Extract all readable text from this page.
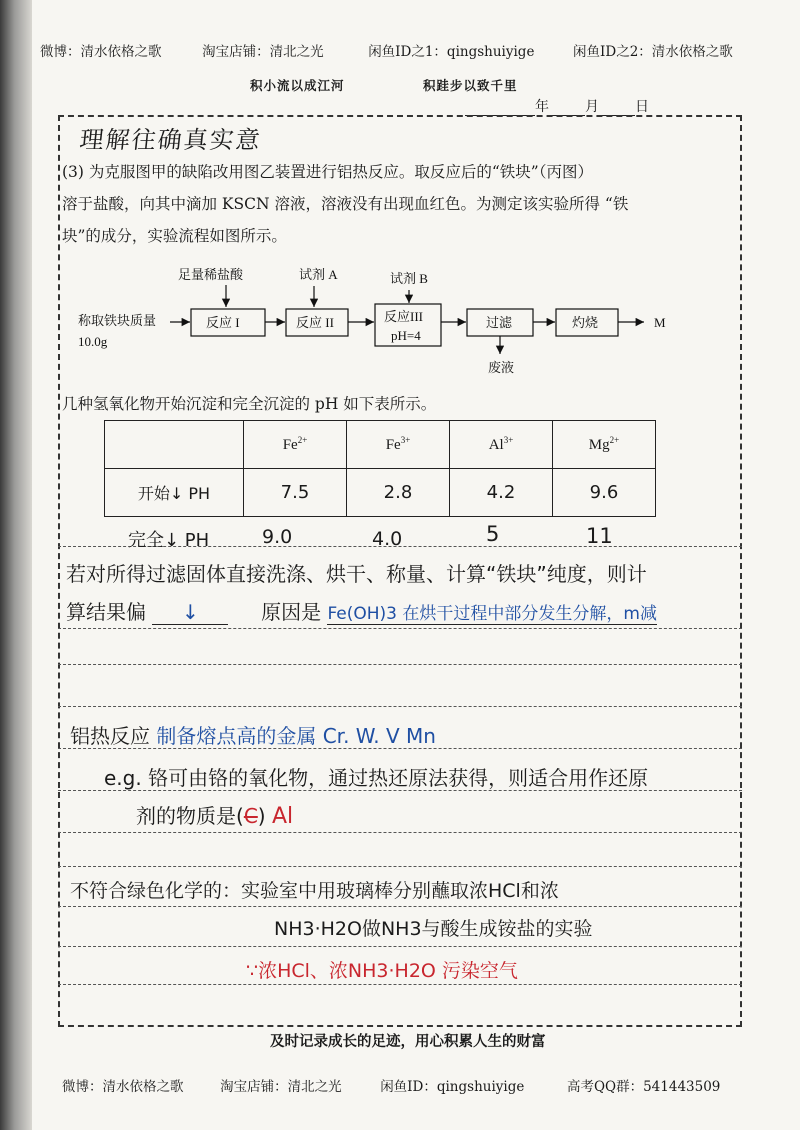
微博：清水依格之歌	淘宝店铺：清北之光	闲鱼ID之1：qingshuiyige	闲鱼ID之2：清水依格之歌
积小流以成江河	积跬步以致千里
年	月	日
理解往确真实意
(3) 为克服图甲的缺陷改用图乙装置进行铝热反应。取反应后的“铁块”（丙图）
溶于盐酸，向其中滴加 KSCN 溶液，溶液没有出现血红色。为测定该实验所得 “铁
块”的成分，实验流程如图所示。
足量稀盐酸	试剂 A	试剂 B
称取铁块质量
10.0g
反应 I	反应 II	反应III
pH=4
过滤
废液
灼烧	M
几种氢氧化物开始沉淀和完全沉淀的 pH 如下表所示。
	$Fe^{2+}$	$Fe^{3+}$	$Al^{3+}$	$Mg^{2+}$
开始↓ PH	7.5	2.8	4.2	9.6
完全↓ PH	9.0	4.0	5	11
若对所得过滤固体直接洗涤、烘干、称量、计算“铁块”纯度，则计
算结果偏 ↓	原因是 Fe(OH)3 在烘干过程中部分发生分解，m减
铝热反应 制备熔点高的金属 Cr. W. V Mn
e.g. 铬可由铬的氧化物，通过热还原法获得，则适合用作还原
剂的物质是(C) Al
不符合绿色化学的：实验室中用玻璃棒分别蘸取浓HCl和浓
NH3·H2O做NH3与酸生成铵盐的实验
∵浓HCl、浓NH3·H2O 污染空气
及时记录成长的足迹，用心积累人生的财富
微博：清水依格之歌	淘宝店铺：清北之光	闲鱼ID：qingshuiyige	高考QQ群：541443509
